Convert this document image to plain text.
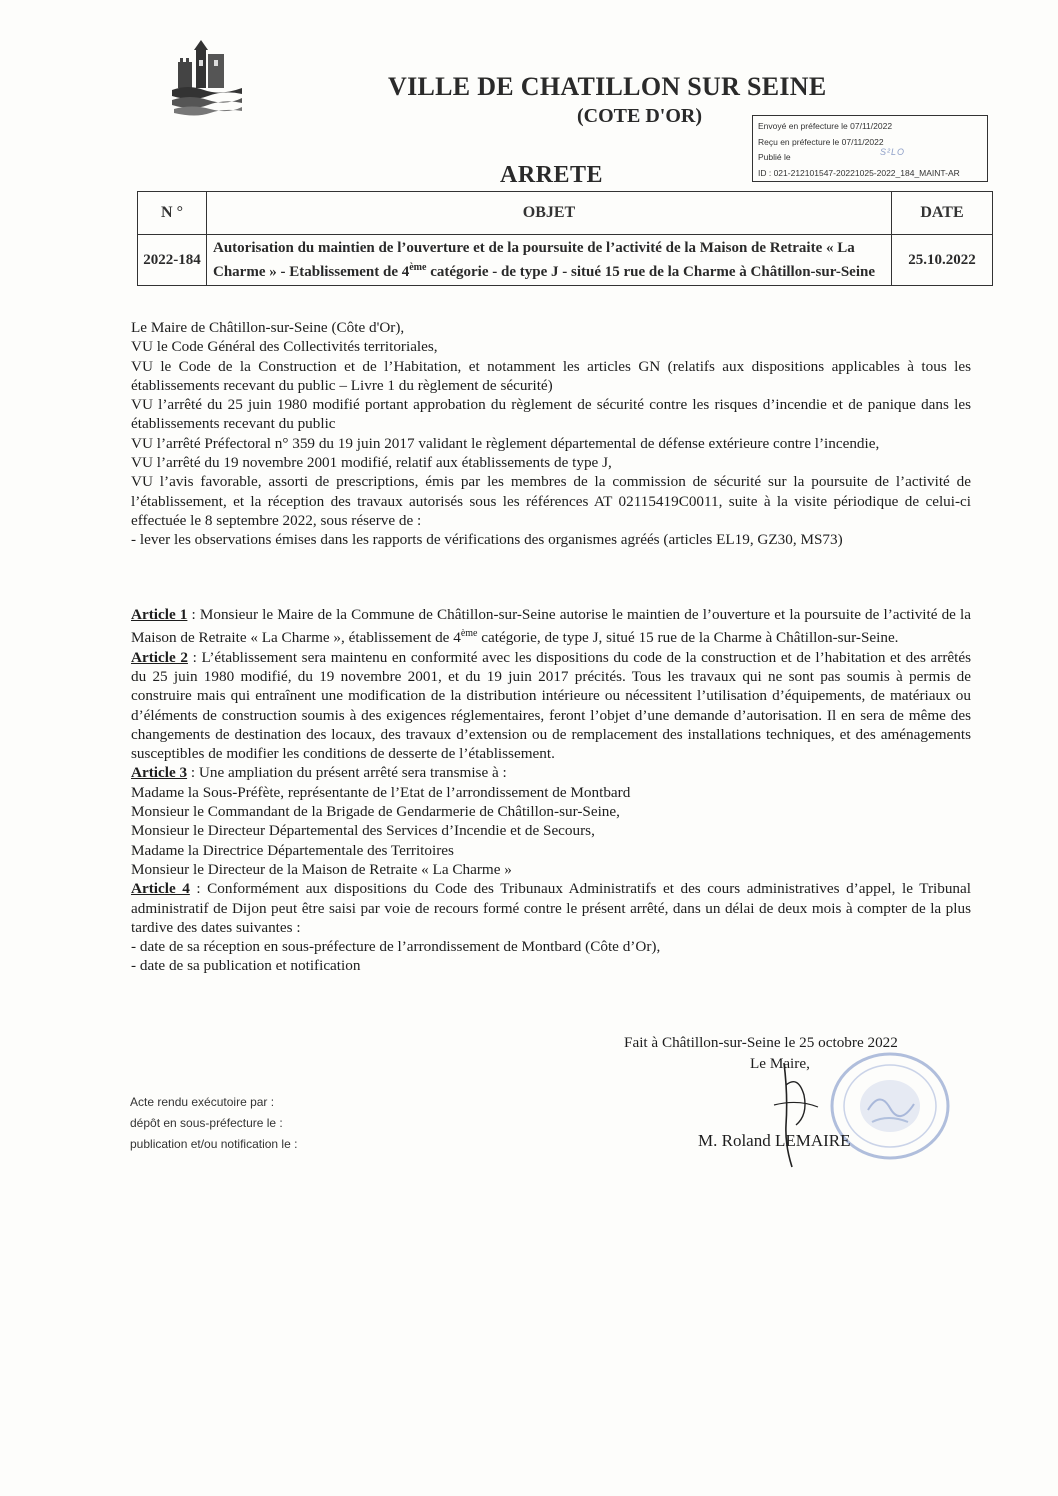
VILLE DE CHATILLON SUR SEINE
(COTE D'OR)
ARRETE
Envoyé en préfecture le 07/11/2022
Reçu en préfecture le 07/11/2022
Publié le
ID : 021-212101547-20221025-2022_184_MAINT-AR
S²LO
N °	OBJET	DATE
2022-184	Autorisation du maintien de l’ouverture et de la poursuite de l’activité de la Maison de Retraite « La Charme » - Etablissement de 4ème catégorie - de type J - situé 15 rue de la Charme à Châtillon-sur-Seine	25.10.2022

Le Maire de Châtillon-sur-Seine (Côte d'Or),

VU le Code Général des Collectivités territoriales,

VU le Code de la Construction et de l’Habitation, et notamment les articles GN (relatifs aux dispositions applicables à tous les établissements recevant du public – Livre 1 du règlement de sécurité)

VU l’arrêté du 25 juin 1980 modifié portant approbation du règlement de sécurité contre les risques d’incendie et de panique dans les établissements recevant du public

VU l’arrêté Préfectoral n° 359 du 19 juin 2017 validant le règlement départemental de défense extérieure contre l’incendie,

VU l’arrêté du 19 novembre 2001 modifié, relatif aux établissements de type J,

VU l’avis favorable, assorti de prescriptions, émis par les membres de la commission de sécurité sur la poursuite de l’activité de l’établissement, et la réception des travaux autorisés sous les références AT 02115419C0011, suite à la visite périodique de celui-ci effectuée le 8 septembre 2022, sous réserve de :

- lever les observations émises dans les rapports de vérifications des organismes agréés (articles EL19, GZ30, MS73)

Article 1 : Monsieur le Maire de la Commune de Châtillon-sur-Seine autorise le maintien de l’ouverture et la poursuite de l’activité de la Maison de Retraite « La Charme », établissement de 4ème catégorie, de type J, situé 15 rue de la Charme à Châtillon-sur-Seine.

Article 2 : L’établissement sera maintenu en conformité avec les dispositions du code de la construction et de l’habitation et des arrêtés du 25 juin 1980 modifié, du 19 novembre 2001, et du 19 juin 2017 précités. Tous les travaux qui ne sont pas soumis à permis de construire mais qui entraînent une modification de la distribution intérieure ou nécessitent l’utilisation d’équipements, de matériaux ou d’éléments de construction soumis à des exigences réglementaires, feront l’objet d’une demande d’autorisation. Il en sera de même des changements de destination des locaux, des travaux d’extension ou de remplacement des installations techniques, et des aménagements susceptibles de modifier les conditions de desserte de l’établissement.

Article 3 : Une ampliation du présent arrêté sera transmise à :

Madame la Sous-Préfète, représentante de l’Etat de l’arrondissement de Montbard

Monsieur le Commandant de la Brigade de Gendarmerie de Châtillon-sur-Seine,

Monsieur le Directeur Départemental des Services d’Incendie et de Secours,

Madame la Directrice Départementale des Territoires

Monsieur le Directeur de la Maison de Retraite « La Charme »

Article 4 : Conformément aux dispositions du Code des Tribunaux Administratifs et des cours administratives d’appel, le Tribunal administratif de Dijon peut être saisi par voie de recours formé contre le présent arrêté, dans un délai de deux mois à compter de la plus tardive des dates suivantes :

- date de sa réception en sous-préfecture de l’arrondissement de Montbard (Côte d’Or),

- date de sa publication et notification

Fait à Châtillon-sur-Seine le 25 octobre 2022
Le Maire,
M. Roland LEMAIRE
Acte rendu exécutoire par :
dépôt en sous-préfecture le :
publication et/ou notification le :
